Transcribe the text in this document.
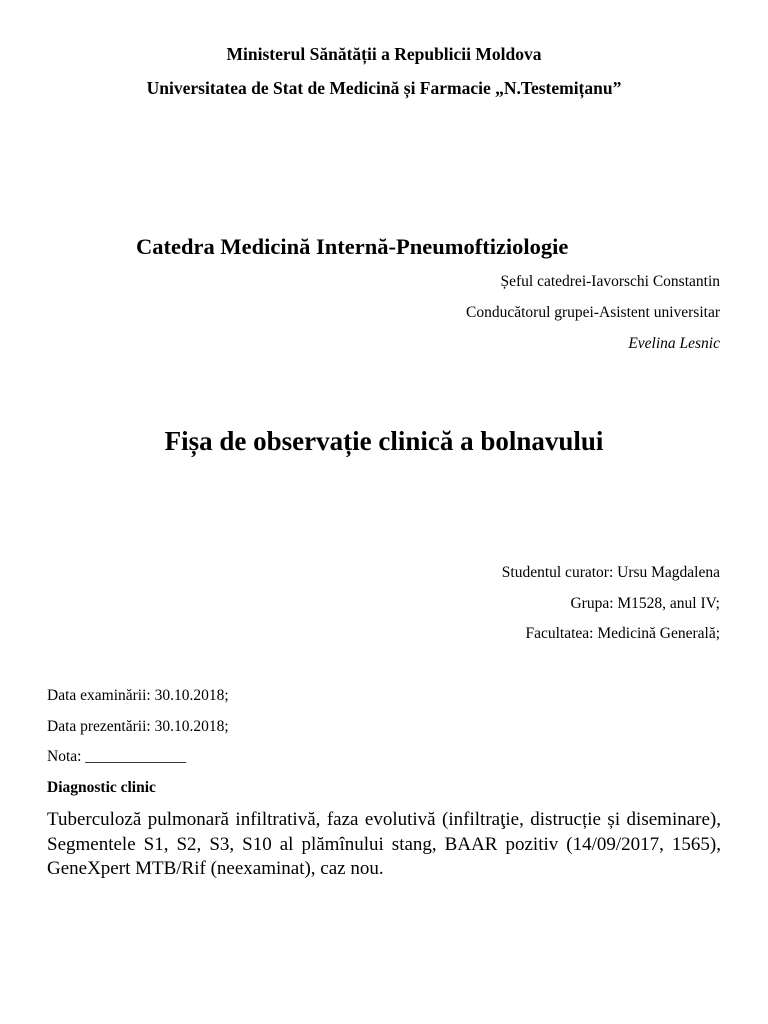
Ministerul Sănătății a Republicii Moldova
Universitatea de Stat de Medicină și Farmacie „N.Testemițanu”
Catedra Medicină Internă-Pneumoftiziologie
Șeful catedrei-Iavorschi Constantin
Conducătorul grupei-Asistent universitar
Evelina Lesnic
Fișa de observație clinică a bolnavului
Studentul curator: Ursu Magdalena
Grupa: M1528, anul IV;
Facultatea: Medicină Generală;
Data examinării: 30.10.2018;
Data prezentării: 30.10.2018;
Nota: _____________
Diagnostic clinic
Tuberculoză pulmonară infiltrativă, faza evolutivă (infiltraţie, distrucție și diseminare), Segmentele S1, S2, S3, S10 al plămînului stang, BAAR pozitiv (14/09/2017, 1565), GeneXpert MTB/Rif (neexaminat), caz nou.
